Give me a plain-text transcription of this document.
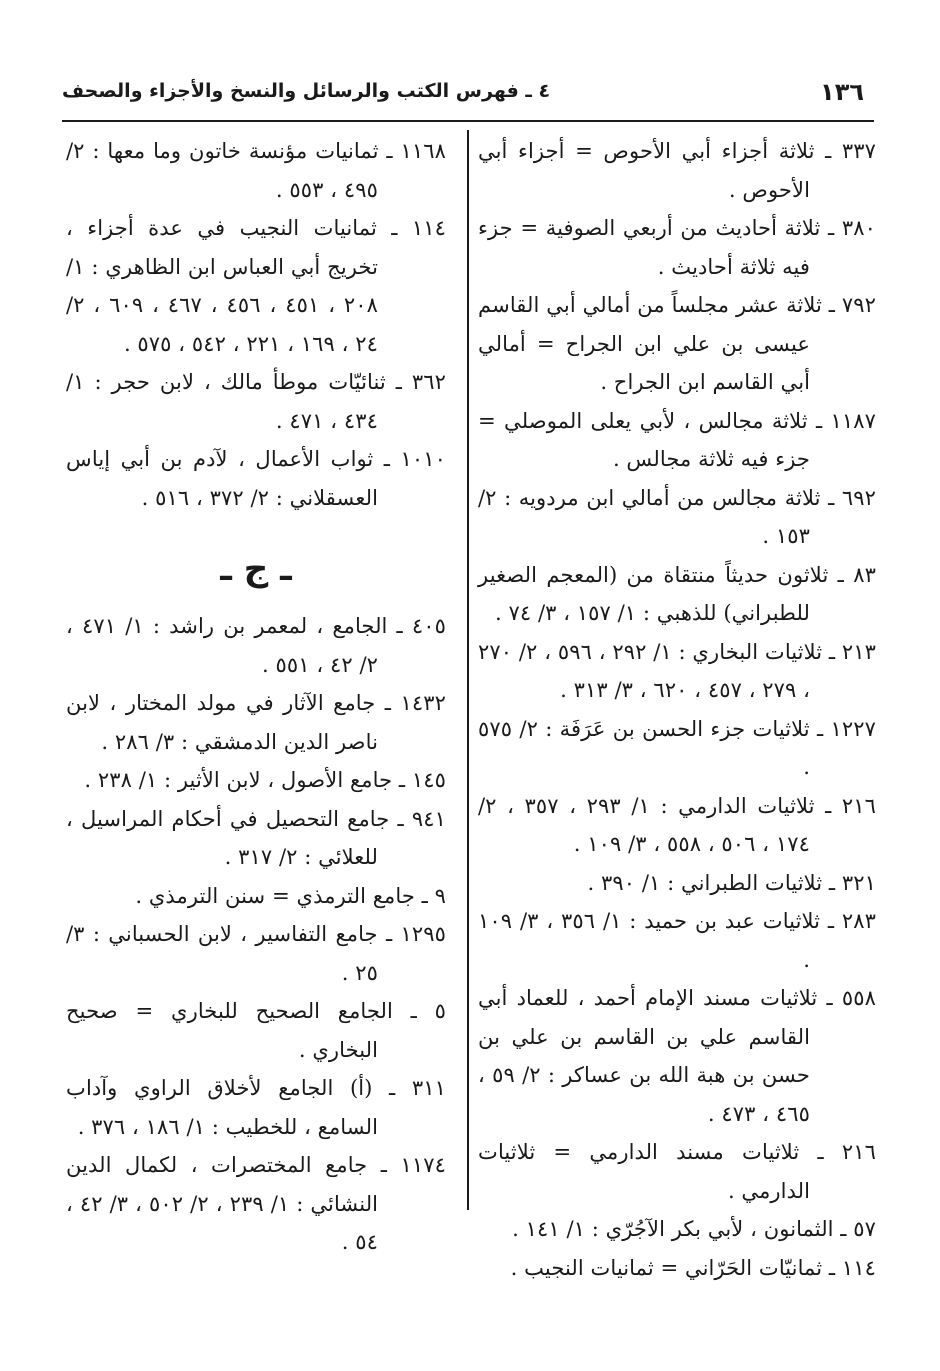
١٣٦
٤ ـ فهرس الكتب والرسائل والنسخ والأجزاء والصحف

٣٣٧ ـ ثلاثة أجزاء أبي الأحوص = أجزاء أبي الأحوص .

٣٨٠ ـ ثلاثة أحاديث من أربعي الصوفية = جزء فيه ثلاثة أحاديث .

٧٩٢ ـ ثلاثة عشر مجلساً من أمالي أبي القاسم عيسى بن علي ابن الجراح = أمالي أبي القاسم ابن الجراح .

١١٨٧ ـ ثلاثة مجالس ، لأبي يعلى الموصلي = جزء فيه ثلاثة مجالس .

٦٩٢ ـ ثلاثة مجالس من أمالي ابن مردويه : ٢/ ١٥٣ .

٨٣ ـ ثلاثون حديثاً منتقاة من (المعجم الصغير للطبراني) للذهبي : ١/ ١٥٧ ، ٣/ ٧٤ .

٢١٣ ـ ثلاثيات البخاري : ١/ ٢٩٢ ، ٥٩٦ ، ٢/ ٢٧٠ ، ٢٧٩ ، ٤٥٧ ، ٦٢٠ ، ٣/ ٣١٣ .

١٢٢٧ ـ ثلاثيات جزء الحسن بن عَرَفَة : ٢/ ٥٧٥ .

٢١٦ ـ ثلاثيات الدارمي : ١/ ٢٩٣ ، ٣٥٧ ، ٢/ ١٧٤ ، ٥٠٦ ، ٥٥٨ ، ٣/ ١٠٩ .

٣٢١ ـ ثلاثيات الطبراني : ١/ ٣٩٠ .

٢٨٣ ـ ثلاثيات عبد بن حميد : ١/ ٣٥٦ ، ٣/ ١٠٩ .

٥٥٨ ـ ثلاثيات مسند الإمام أحمد ، للعماد أبي القاسم علي بن القاسم بن علي بن حسن بن هبة الله بن عساكر : ٢/ ٥٩ ، ٤٦٥ ، ٤٧٣ .

٢١٦ ـ ثلاثيات مسند الدارمي = ثلاثيات الدارمي .

٥٧ ـ الثمانون ، لأبي بكر الآجُرّي : ١/ ١٤١ .

١١٤ ـ ثمانيّات الحَرّاني = ثمانيات النجيب .

١١٦٨ ـ ثمانيات مؤنسة خاتون وما معها : ٢/ ٤٩٥ ، ٥٥٣ .

١١٤ ـ ثمانيات النجيب في عدة أجزاء ، تخريج أبي العباس ابن الظاهري : ١/ ٢٠٨ ، ٤٥١ ، ٤٥٦ ، ٤٦٧ ، ٦٠٩ ، ٢/ ٢٤ ، ١٦٩ ، ٢٢١ ، ٥٤٢ ، ٥٧٥ .

٣٦٢ ـ ثنائيّات موطأ مالك ، لابن حجر : ١/ ٤٣٤ ، ٤٧١ .

١٠١٠ ـ ثواب الأعمال ، لآدم بن أبي إياس العسقلاني : ٢/ ٣٧٢ ، ٥١٦ .

ـ ج ـ

٤٠٥ ـ الجامع ، لمعمر بن راشد : ١/ ٤٧١ ، ٢/ ٤٢ ، ٥٥١ .

١٤٣٢ ـ جامع الآثار في مولد المختار ، لابن ناصر الدين الدمشقي : ٣/ ٢٨٦ .

١٤٥ ـ جامع الأصول ، لابن الأثير : ١/ ٢٣٨ .

٩٤١ ـ جامع التحصيل في أحكام المراسيل ، للعلائي : ٢/ ٣١٧ .

٩ ـ جامع الترمذي = سنن الترمذي .

١٢٩٥ ـ جامع التفاسير ، لابن الحسباني : ٣/ ٢٥ .

٥ ـ الجامع الصحيح للبخاري = صحيح البخاري .

٣١١ ـ (أ) الجامع لأخلاق الراوي وآداب السامع ، للخطيب : ١/ ١٨٦ ، ٣٧٦ .

١١٧٤ ـ جامع المختصرات ، لكمال الدين النشائي : ١/ ٢٣٩ ، ٢/ ٥٠٢ ، ٣/ ٤٢ ، ٥٤ .
